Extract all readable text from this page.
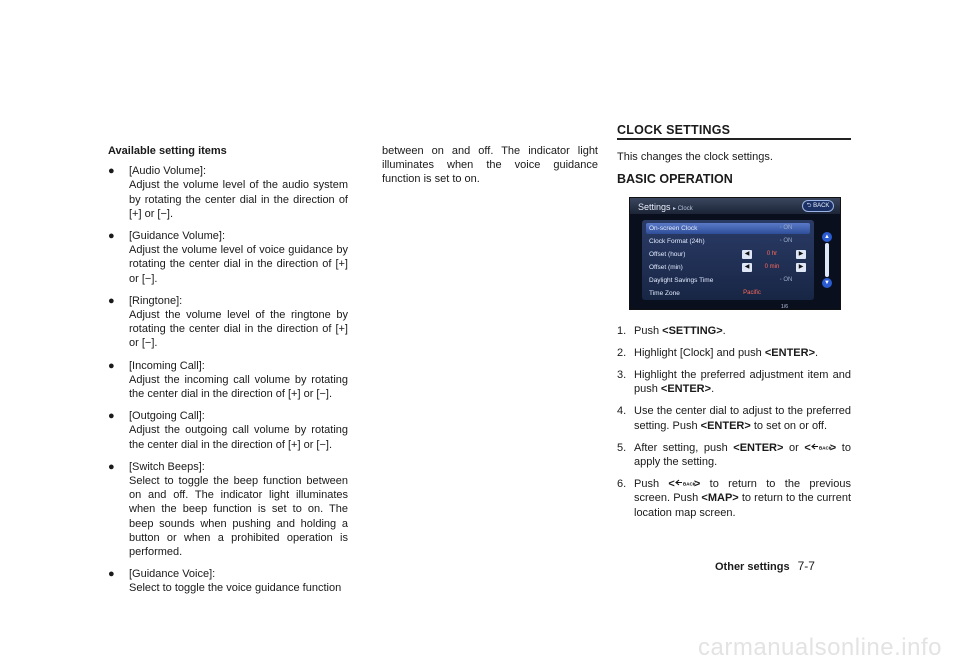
Available setting items
● [Audio Volume]:
Adjust the volume level of the audio system by rotating the center dial in the direction of [+] or [−].
● [Guidance Volume]:
Adjust the volume level of voice guidance by rotating the center dial in the direction of [+] or [−].
● [Ringtone]:
Adjust the volume level of the ringtone by rotating the center dial in the direction of [+] or [−].
● [Incoming Call]:
Adjust the incoming call volume by rotating the center dial in the direction of [+] or [−].
● [Outgoing Call]:
Adjust the outgoing call volume by rotating the center dial in the direction of [+] or [−].
● [Switch Beeps]:
Select to toggle the beep function between on and off. The indicator light illuminates when the beep function is set to on. The beep sounds when pushing and holding a button or when a prohibited operation is performed.
● [Guidance Voice]:
Select to toggle the voice guidance function
between on and off. The indicator light illuminates when the voice guidance function is set to on.
CLOCK SETTINGS
This changes the clock settings.
BASIC OPERATION
Settings ▸ Clock	⮌ BACK
On-screen Clock	◦ ON
Clock Format (24h)	◦ ON
Offset (hour)	◀	0 hr	▶
Offset (min)	◀	0 min	▶
Daylight Savings Time	◦ ON
Time Zone	Pacific
▲
▼
1/6
1. Push <SETTING>.
2. Highlight [Clock] and push <ENTER>.
3. Highlight the preferred adjustment item and push <ENTER>.
4. Use the center dial to adjust to the preferred setting. Push <ENTER> to set on or off.
5. After setting, push <ENTER> or < BACK
> to apply the setting.
6. Push < BACK
> to return to the previous screen. Push <MAP> to return to the current location map screen.
Other settings 7-7
carmanualsonline.info
